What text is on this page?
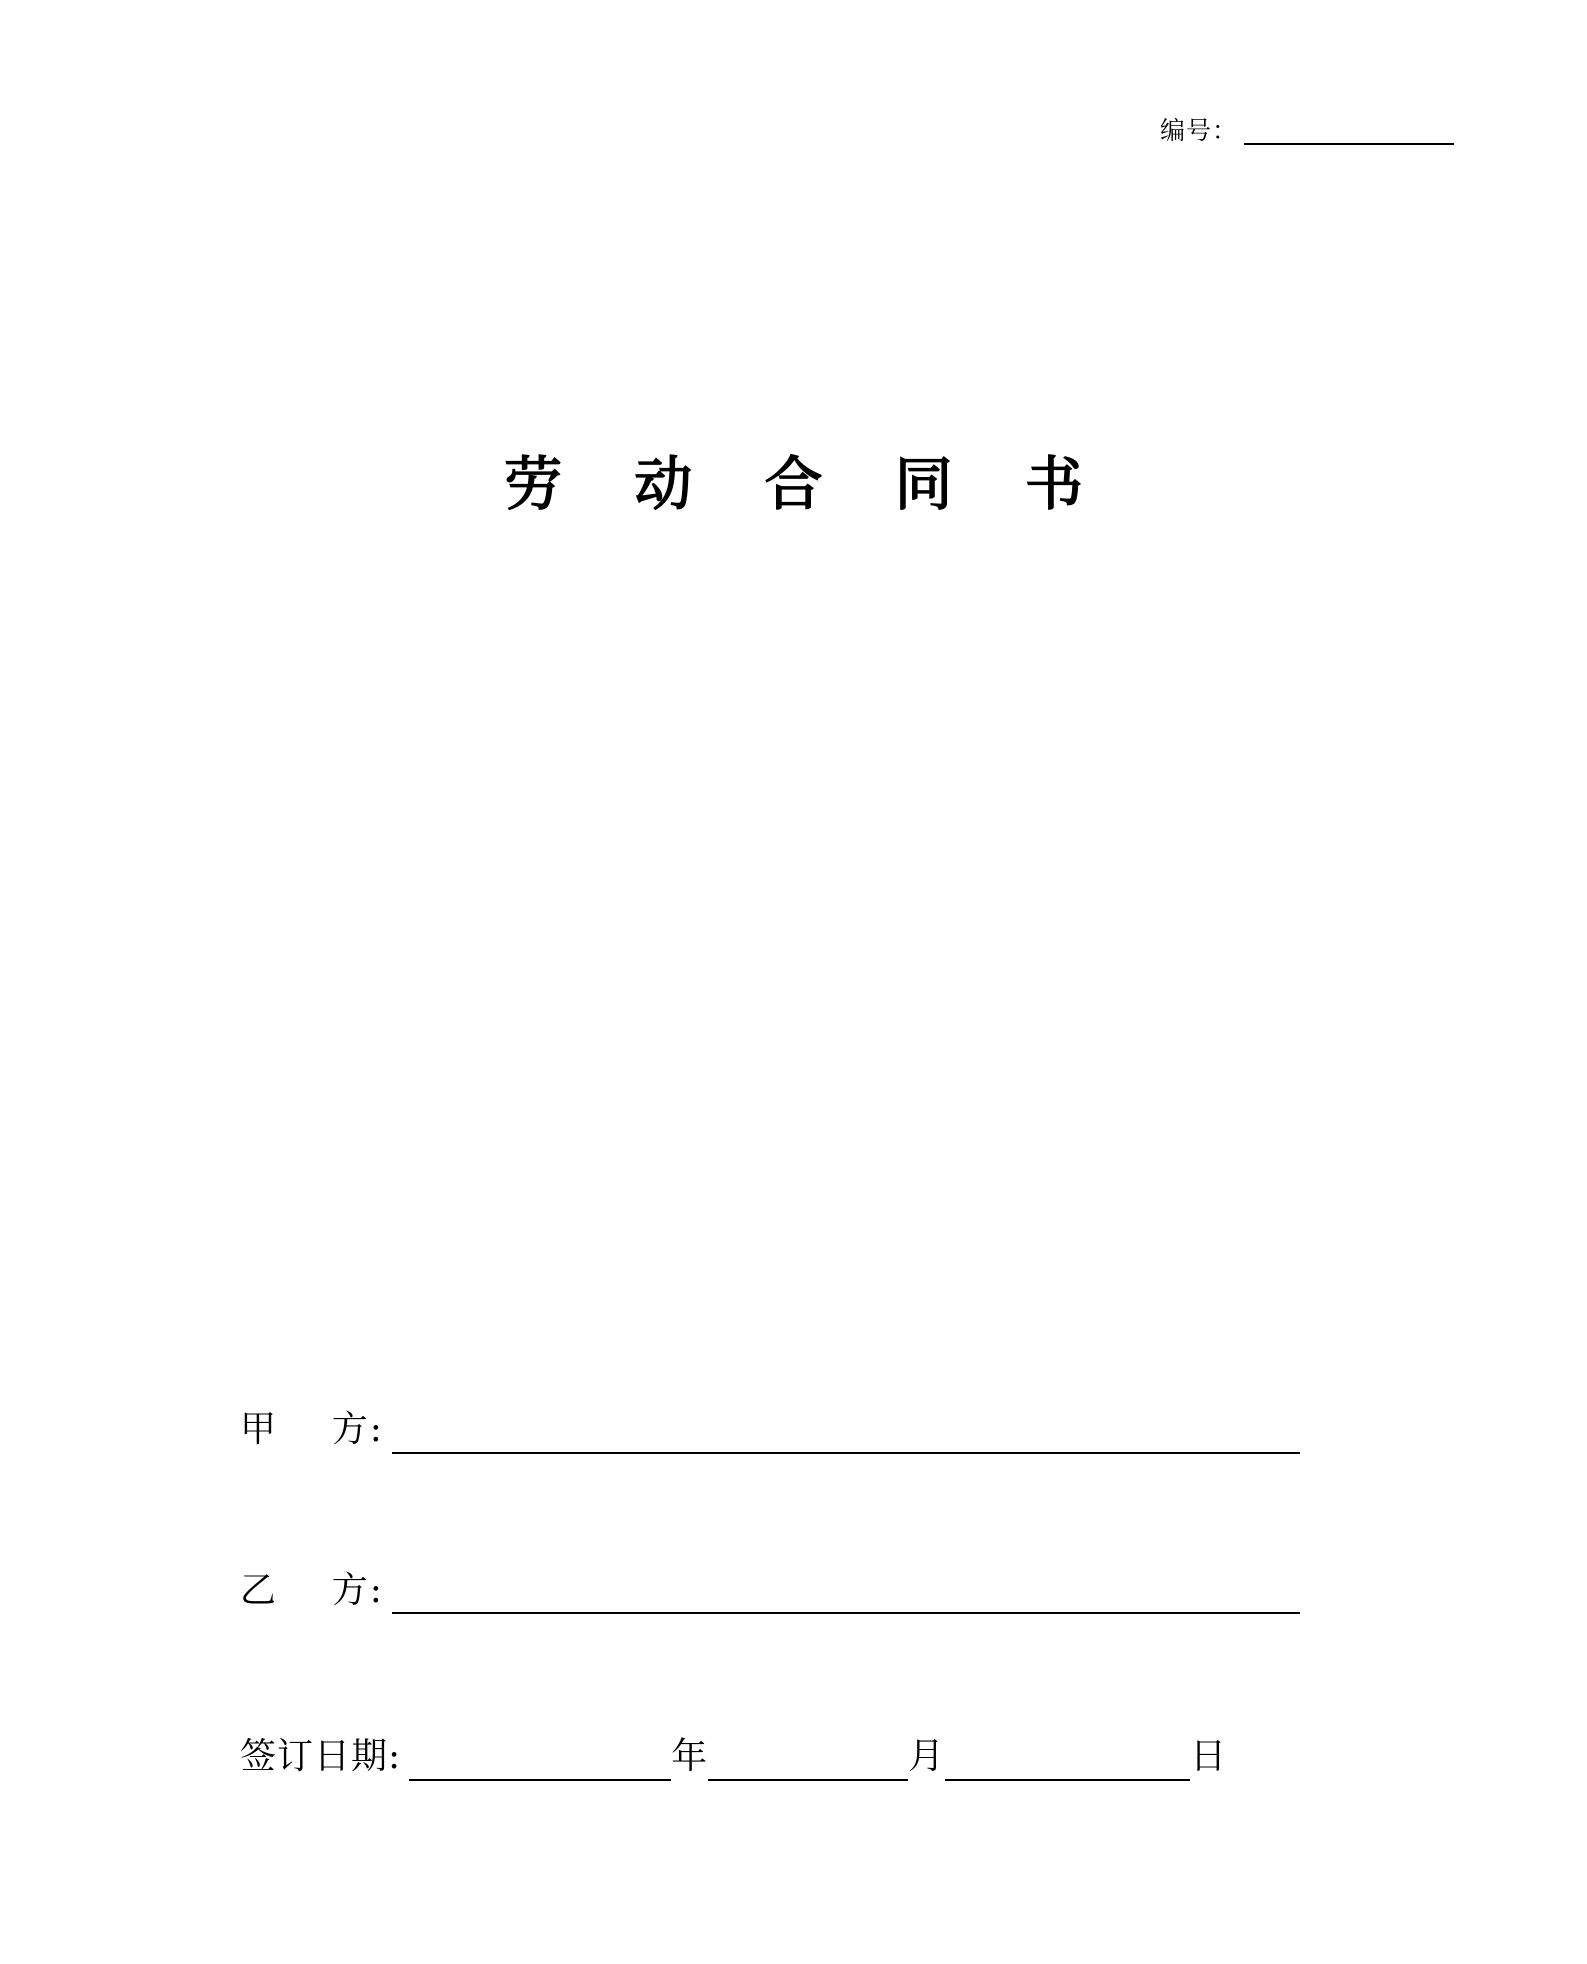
编号：
劳 动 合 同 书
甲    方:
乙    方:
签订日期:	年	月	日
